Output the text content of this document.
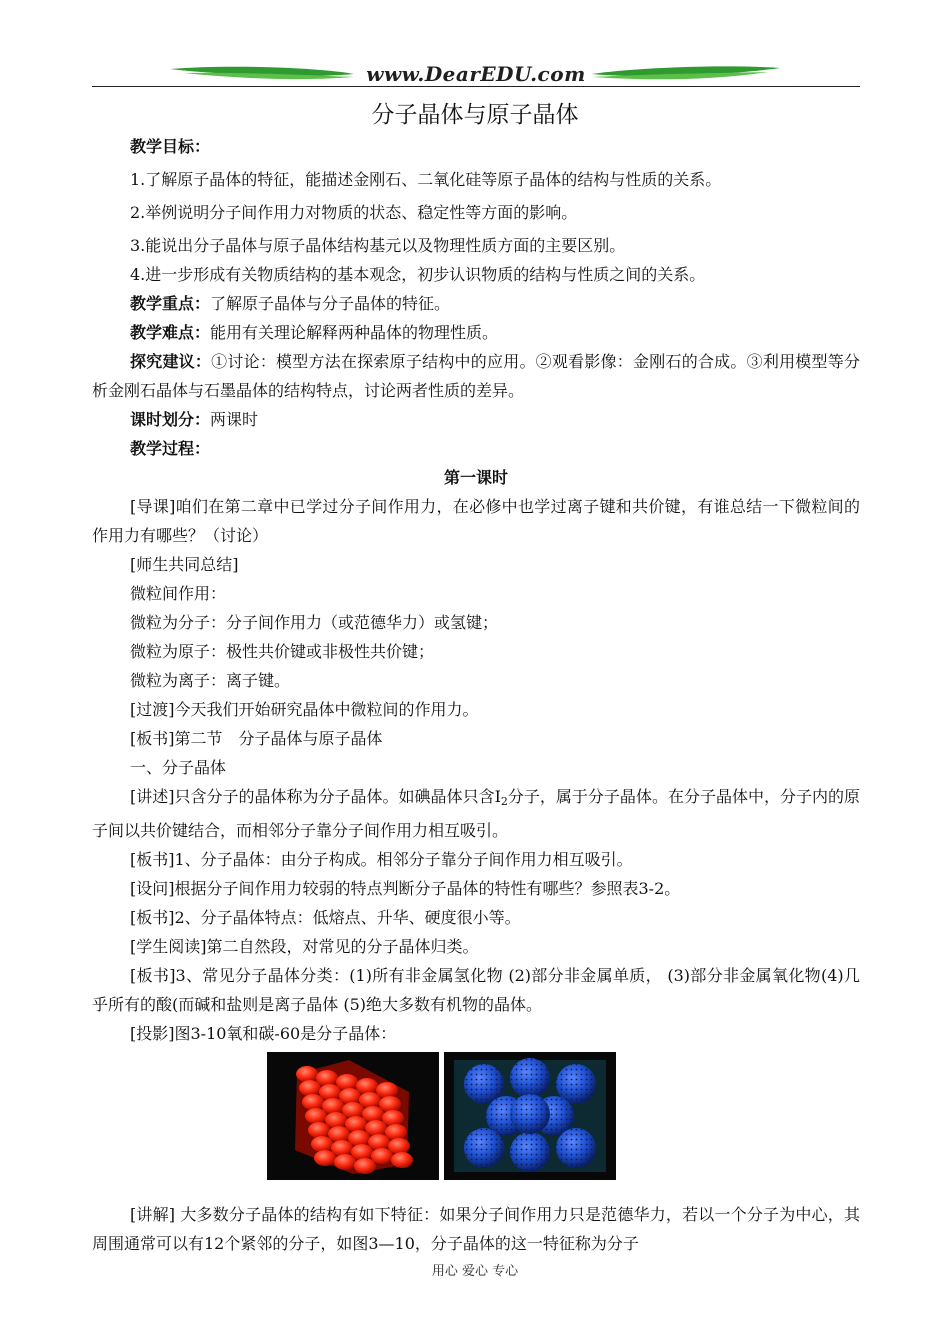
www.DearEDU.com
分子晶体与原子晶体
教学目标：
1.了解原子晶体的特征，能描述金刚石、二氧化硅等原子晶体的结构与性质的关系。
2.举例说明分子间作用力对物质的状态、稳定性等方面的影响。
3.能说出分子晶体与原子晶体结构基元以及物理性质方面的主要区别。
4.进一步形成有关物质结构的基本观念，初步认识物质的结构与性质之间的关系。
教学重点：了解原子晶体与分子晶体的特征。
教学难点：能用有关理论解释两种晶体的物理性质。
探究建议：①讨论：模型方法在探索原子结构中的应用。②观看影像：金刚石的合成。③利用模型等分析金刚石晶体与石墨晶体的结构特点，讨论两者性质的差异。
课时划分：两课时
教学过程：
第一课时
[导课]咱们在第二章中已学过分子间作用力，在必修中也学过离子键和共价键，有谁总结一下微粒间的作用力有哪些？（讨论）
[师生共同总结]
微粒间作用：
微粒为分子：分子间作用力（或范德华力）或氢键；
微粒为原子：极性共价键或非极性共价键；
微粒为离子：离子键。
[过渡]今天我们开始研究晶体中微粒间的作用力。
[板书]第二节　分子晶体与原子晶体
一、分子晶体
[讲述]只含分子的晶体称为分子晶体。如碘晶体只含$I_2$分子，属于分子晶体。在分子晶体中，分子内的原子间以共价键结合，而相邻分子靠分子间作用力相互吸引。
[板书]1、分子晶体：由分子构成。相邻分子靠分子间作用力相互吸引。
[设问]根据分子间作用力较弱的特点判断分子晶体的特性有哪些？参照表3-2。
[板书]2、分子晶体特点：低熔点、升华、硬度很小等。
[学生阅读]第二自然段，对常见的分子晶体归类。
[板书]3、常见分子晶体分类：(1)所有非金属氢化物 (2)部分非金属单质， (3)部分非金属氧化物(4)几乎所有的酸(而碱和盐则是离子晶体 (5)绝大多数有机物的晶体。
[投影]图3-10氧和碳-60是分子晶体：
[讲解] 大多数分子晶体的结构有如下特征：如果分子间作用力只是范德华力，若以一个分子为中心，其周围通常可以有12个紧邻的分子，如图3—10，分子晶体的这一特征称为分子
用心 爱心 专心
